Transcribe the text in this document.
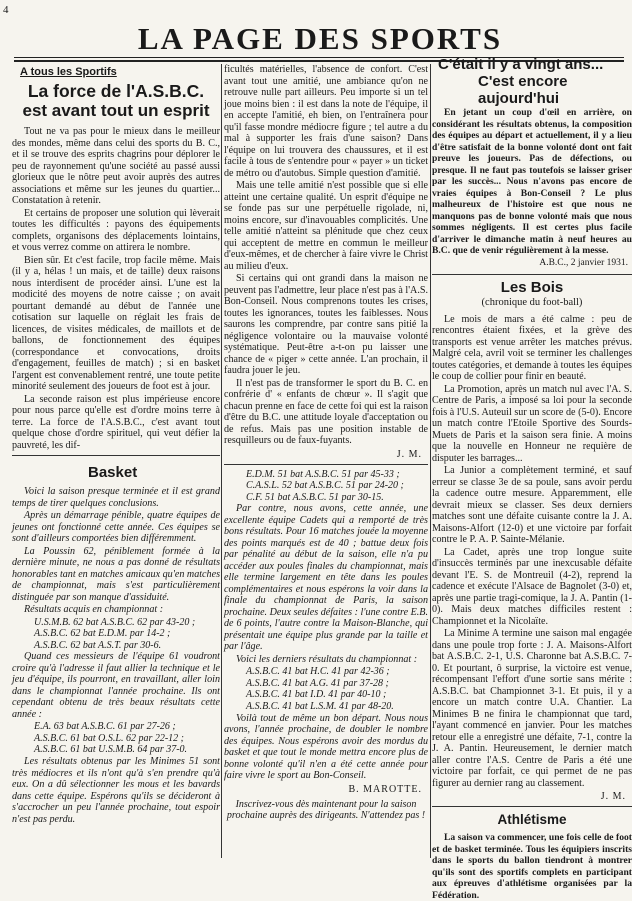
4
LA PAGE DES SPORTS
A tous les Sportifs
La force de l'A.S.B.C.
est avant tout un esprit

Tout ne va pas pour le mieux dans le meilleur des mondes, même dans celui des sports du B. C., et il se trouve des esprits chagrins pour déplorer le peu de rayonnement qu'une société au passé aussi glorieux que le nôtre peut avoir auprès des autres associations et même sur les jeunes du quartier... Constatation à retenir.

Et certains de proposer une solution qui lèverait toutes les difficultés : payons des équipements complets, organisons des déplacements lointains, et vous verrez comme on attirera le nombre.

Bien sûr. Et c'est facile, trop facile même. Mais (il y a, hélas ! un mais, et de taille) deux raisons nous interdisent de procéder ainsi. L'une est la modicité des moyens de notre caisse ; on avait pourtant demandé au début de l'année une cotisation sur laquelle on réglait les frais de licences, de visites médicales, de maillots et de ballons, de fonctionnement des équipes (correspondance et convocations, droits d'engagement, feuilles de match) ; si en basket l'argent est convenablement rentré, une toute petite minorité seulement des joueurs de foot est à jour.

La seconde raison est plus impérieuse encore pour nous parce qu'elle est d'ordre moins terre à terre. La force de l'A.S.B.C., c'est avant tout quelque chose d'ordre spirituel, qui veut défier la pauvreté, les dif-

Basket

Voici la saison presque terminée et il est grand temps de tirer quelques conclusions.

Après un démarrage pénible, quatre équipes de jeunes ont fonctionné cette année. Ces équipes se sont d'ailleurs comportées bien différemment.

La Poussin 62, péniblement formée à la dernière minute, ne nous a pas donné de résultats honorables tant en matches amicaux qu'en matches de championnat, mais s'est particulièrement distinguée par son manque d'assiduité.

Résultats acquis en championnat :

U.S.M.B. 62 bat A.S.B.C. 62 par 43-20 ;
A.S.B.C. 62 bat E.D.M. par 14-2 ;
A.S.B.C. 62 bat A.S.T. par 30-6.

Quand ces messieurs de l'équipe 61 voudront croire qu'à l'adresse il faut allier la technique et le jeu d'équipe, ils pourront, en travaillant, aller loin dans le championnat l'année prochaine. Ils ont cependant obtenu de très beaux résultats cette année :

E.A. 63 bat A.S.B.C. 61 par 27-26 ;
A.S.B.C. 61 bat O.S.L. 62 par 22-12 ;
A.S.B.C. 61 bat U.S.M.B. 64 par 37-0.

Les résultats obtenus par les Minimes 51 sont très médiocres et ils n'ont qu'à s'en prendre qu'à eux. On a dû sélectionner les mous et les bavards dans cette équipe. Espérons qu'ils se décideront à s'accrocher un peu l'année prochaine, tout espoir n'est pas perdu.

ficultés matérielles, l'absence de confort. C'est avant tout une amitié, une ambiance qu'on ne retrouve nulle part ailleurs. Peu importe si un tel joue moins bien : il est dans la note de l'équipe, il en accepte l'amitié, eh bien, on l'entraînera pour qu'il fasse mondre médiocre figure ; tel autre a du mal à supporter les frais d'une saison? Dans l'équipe on lui trouvera des chaussures, et il est facile à tous de s'entendre pour « payer » un ticket de métro ou d'autobus. Simple question d'amitié.

Mais une telle amitié n'est possible que si elle atteint une certaine qualité. Un esprit d'équipe ne se fonde pas sur une perpétuelle rigolade, ni, moins encore, sur d'inavouables complicités. Une telle amitié n'atteint sa plénitude que chez ceux qui acceptent de mettre en commun le meilleur d'eux-mêmes, et de chercher à faire vivre le Christ au milieu d'eux.

Si certains qui ont grandi dans la maison ne peuvent pas l'admettre, leur place n'est pas à l'A.S. Bon-Conseil. Nous comprenons toutes les crises, toutes les ignorances, toutes les faiblesses. Nous saurons les comprendre, par contre sans pitié la négligence volontaire ou la mauvaise volonté systématique. Peut-être a-t-on pu laisser une chance de « piger » cette année. L'an prochain, il faudra jouer le jeu.

Il n'est pas de transformer le sport du B. C. en confrérie d' « enfants de chœur ». Il s'agit que chacun prenne en face de cette foi qui est la raison d'être du B.C. une attitude loyale d'acceptation ou de refus. Mais pas une position instable de resquilleurs ou de faux-fuyants.

J. M.
E.D.M. 51 bat A.S.B.C. 51 par 45-33 ;
C.A.S.L. 52 bat A.S.B.C. 51 par 24-20 ;
C.F. 51 bat A.S.B.C. 51 par 30-15.

Par contre, nous avons, cette année, une excellente équipe Cadets qui a remporté de très bons résultats. Pour 16 matches jouée la moyenne des points marqués est de 40 ; battue deux fois par pénalité au début de la saison, elle n'a pu accéder aux poules finales du championnat, mais elle termine largement en tête dans les poules complémentaires et nous espérons la voir dans la finale du championnat de Paris, la saison prochaine. Deux seules défaites : l'une contre E.B. de 6 points, l'autre contre la Maison-Blanche, qui présentait une équipe plus grande par la taille et par l'âge.

Voici les derniers résultats du championnat :

A.S.B.C. 41 bat H.C. 41 par 42-36 ;
A.S.B.C. 41 bat A.G. 41 par 37-28 ;
A.S.B.C. 41 bat I.D. 41 par 40-10 ;
A.S.B.C. 41 bat L.S.M. 41 par 48-20.

Voilà tout de même un bon départ. Nous nous avons, l'année prochaine, de doubler le nombre des équipes. Nous espérons avoir des mordus du basket et que tout le monde mettra encore plus de bonne volonté qu'il n'en a été cette année pour faire vivre le sport au Bon-Conseil.

B. MAROTTE.
Inscrivez-vous dès maintenant pour la saison prochaine auprès des dirigeants. N'attendez pas !
C'était il y a vingt ans...
C'est encore aujourd'hui

En jetant un coup d'œil en arrière, on considérant les résultats obtenus, la composition des équipes au départ et actuellement, il y a lieu d'être satisfait de la bonne volonté dont ont fait preuve les joueurs. Pas de défections, ou presque. Il ne faut pas toutefois se laisser griser par les succès... Nous n'avons pas encore de vraies équipes à Bon-Conseil ? Le plus malheureux de l'histoire est que nous ne manquons pas de bonne volonté mais que nous sommes négligents. Il est certes plus facile d'arriver le dimanche matin à neuf heures au B.C. que de venir régulièrement à la messe.

A.B.C., 2 janvier 1931.
Les Bois
(chronique du foot-ball)

Le mois de mars a été calme : peu de rencontres étaient fixées, et la grève des transports est venue arrêter les matches prévus. Malgré cela, avril voit se terminer les challenges toutes catégories, et demande à toutes les équipes le coup de collier pour finir en beauté.

La Promotion, après un match nul avec l'A. S. Centre de Paris, a imposé sa loi pour la seconde fois à l'U.S. Auteuil sur un score de (5-0). Encore un match contre l'Etoile Sportive des Sourds-Muets de Paris et la saison sera finie. A moins que la nouvelle en Honneur ne requière de disputer les barrages...

La Junior a complètement terminé, et sauf erreur se classe 3e de sa poule, sans avoir perdu la cadence outre mesure. Apparemment, elle devrait mieux se classer. Ses deux derniers matches sont une défaite cuisante contre la J. A. Maisons-Alfort (12-0) et une victoire par forfait contre le P. A. P. Sainte-Mélanie.

La Cadet, après une trop longue suite d'insuccès terminés par une inexcusable défaite devant l'E. S. de Montreuil (4-2), reprend la cadence et exécute l'Alsace de Bagnolet (3-0) et, après une partie tragi-comique, la J. A. Pantin (1-0). Mais deux matches difficiles restent : Championnet et la Nicolaïte.

La Minime A termine une saison mal engagée dans une poule trop forte : J. A. Maisons-Alfort bat A.S.B.C. 2-1, U.S. Charonne bat A.S.B.C. 7-0. Et pourtant, ô surprise, la victoire est venue, récompensant l'effort d'une sortie sans mérite : A.S.B.C. bat Championnet 3-1. Et puis, il y a encore un match contre U.A. Chantier. La Minimes B ne finira le championnat que tard, l'ayant commencé en janvier. Pour les matches retour elle a enregistré une défaite, 7-1, contre la J. A. Pantin. Heureusement, le dernier match aller contre l'A.S. Centre de Paris a été une victoire par forfait, ce qui permet de ne pas figurer au dernier rang au classement.

J. M.
Athlétisme

La saison va commencer, une fois celle de foot et de basket terminée. Tous les équipiers inscrits dans le sports du ballon tiendront à montrer qu'ils sont des sportifs complets en participant aux épreuves d'athlétisme organisées par la Fédération.
